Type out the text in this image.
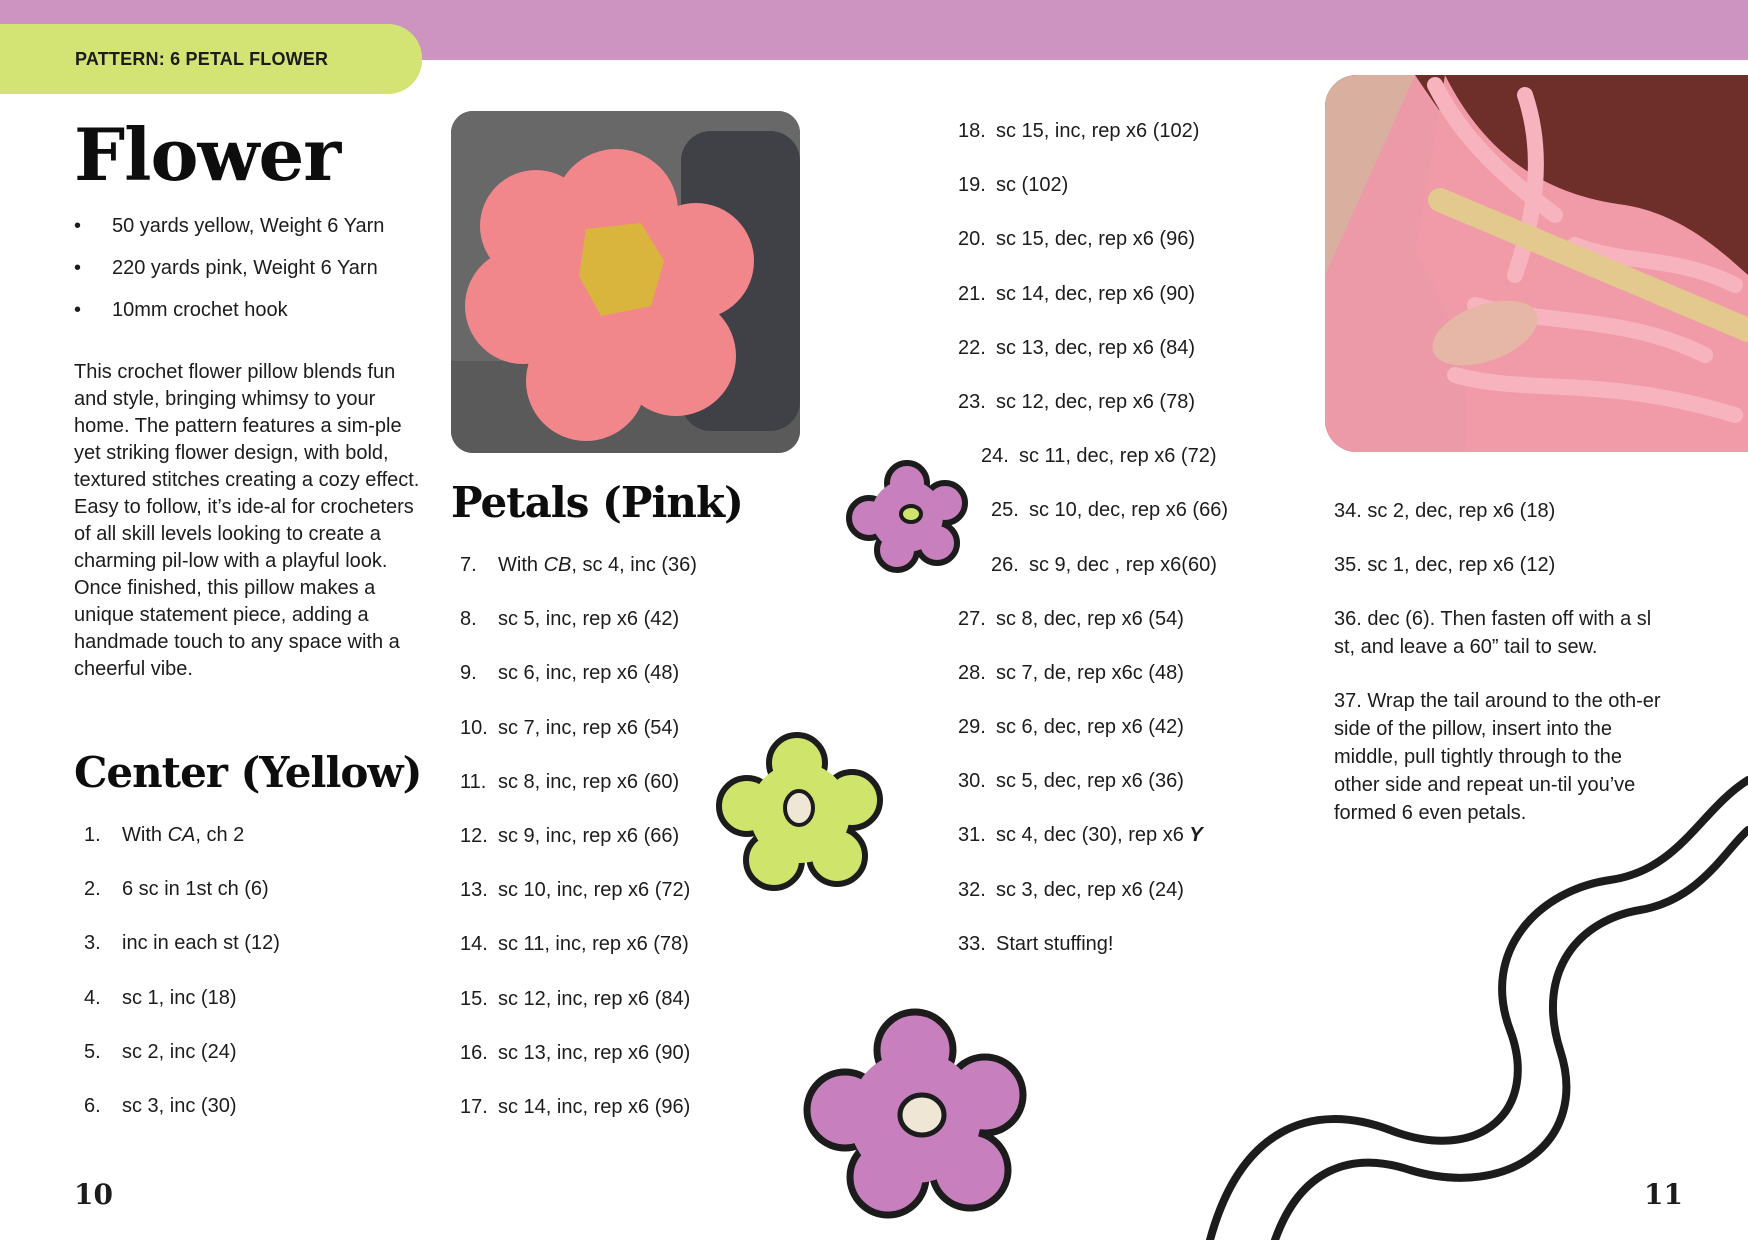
PATTERN: 6 PETAL FLOWER
Flower
• 50 yards yellow, Weight 6 Yarn
• 220 yards pink, Weight 6 Yarn
• 10mm crochet hook

This crochet flower pillow blends fun and style, bringing whimsy to your home. The pattern features a sim-ple yet striking flower design, with bold, textured stitches creating a cozy effect. Easy to follow, it’s ide-al for crocheters of all skill levels looking to create a charming pil-low with a playful look. Once finished, this pillow makes a unique statement piece, adding a handmade touch to any space with a cheerful vibe.

Center (Yellow)
1. With CA, ch 2
2. 6 sc in 1st ch (6)
3. inc in each st (12)
4. sc 1, inc (18)
5. sc 2, inc (24)
6. sc 3, inc (30)
Petals (Pink)
7. With CB, sc 4, inc (36)
8. sc 5, inc, rep x6 (42)
9. sc 6, inc, rep x6 (48)
10. sc 7, inc, rep x6 (54)
11. sc 8, inc, rep x6 (60)
12. sc 9, inc, rep x6 (66)
13. sc 10, inc, rep x6 (72)
14. sc 11, inc, rep x6 (78)
15. sc 12, inc, rep x6 (84)
16. sc 13, inc, rep x6 (90)
17. sc 14, inc, rep x6 (96)
18. sc 15, inc, rep x6 (102)
19. sc (102)
20. sc 15, dec, rep x6 (96)
21. sc 14, dec, rep x6 (90)
22. sc 13, dec, rep x6 (84)
23. sc 12, dec, rep x6 (78)
24. sc 11, dec, rep x6 (72)
25. sc 10, dec, rep x6 (66)
26. sc 9, dec , rep x6(60)
27. sc 8, dec, rep x6 (54)
28. sc 7, de, rep x6c (48)
29. sc 6, dec, rep x6 (42)
30. sc 5, dec, rep x6 (36)
31. sc 4, dec (30), rep x6 Y
32. sc 3, dec, rep x6 (24)
33. Start stuffing!
34. sc 2, dec, rep x6 (18)
35. sc 1, dec, rep x6 (12)
36. dec (6). Then fasten off with a sl st, and leave a 60” tail to sew.
37. Wrap the tail around to the oth-er side of the pillow, insert into the middle, pull tightly through to the other side and repeat un-til you’ve formed 6 even petals.
10	11
